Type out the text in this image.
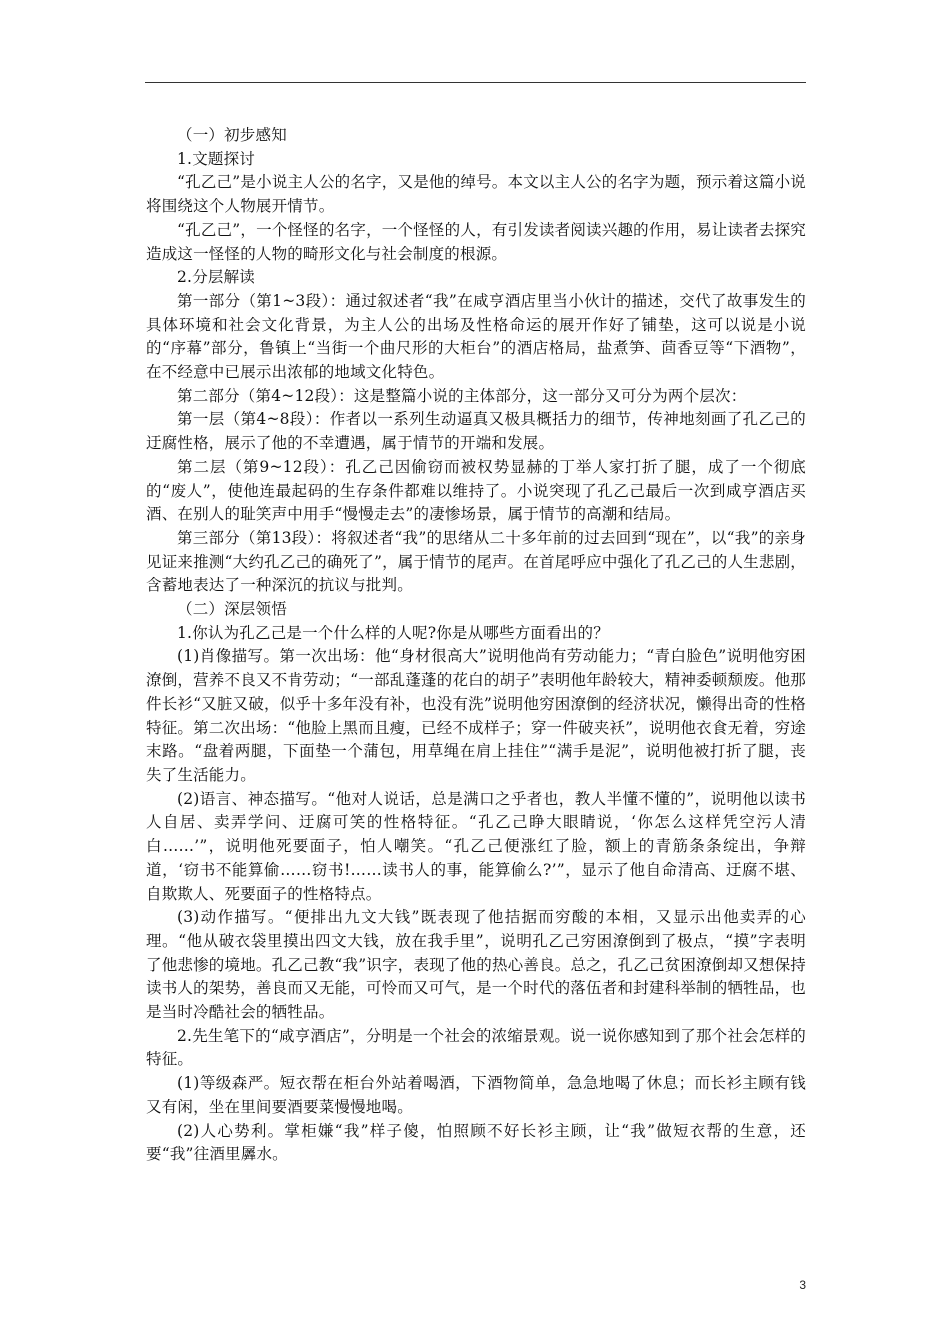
（一）初步感知

1.文题探讨

“孔乙己”是小说主人公的名字，又是他的绰号。本文以主人公的名字为题，预示着这篇小说将围绕这个人物展开情节。

“孔乙己”，一个怪怪的名字，一个怪怪的人，有引发读者阅读兴趣的作用，易让读者去探究造成这一怪怪的人物的畸形文化与社会制度的根源。

2.分层解读

第一部分（第1~3段）：通过叙述者“我”在咸亨酒店里当小伙计的描述，交代了故事发生的具体环境和社会文化背景，为主人公的出场及性格命运的展开作好了铺垫，这可以说是小说的“序幕”部分，鲁镇上“当街一个曲尺形的大柜台”的酒店格局，盐煮笋、茴香豆等“下酒物”，在不经意中已展示出浓郁的地域文化特色。

第二部分（第4~12段）：这是整篇小说的主体部分，这一部分又可分为两个层次：

第一层（第4~8段）：作者以一系列生动逼真又极具概括力的细节，传神地刻画了孔乙己的迂腐性格，展示了他的不幸遭遇，属于情节的开端和发展。

第二层（第9~12段）：孔乙己因偷窃而被权势显赫的丁举人家打折了腿，成了一个彻底的“废人”，使他连最起码的生存条件都难以维持了。小说突现了孔乙己最后一次到咸亨酒店买酒、在别人的耻笑声中用手“慢慢走去”的凄惨场景，属于情节的高潮和结局。

第三部分（第13段）：将叙述者“我”的思绪从二十多年前的过去回到“现在”，以“我”的亲身见证来推测“大约孔乙己的确死了”，属于情节的尾声。在首尾呼应中强化了孔乙己的人生悲剧，含蓄地表达了一种深沉的抗议与批判。

（二）深层领悟

1.你认为孔乙己是一个什么样的人呢?你是从哪些方面看出的？

(1)肖像描写。第一次出场：他“身材很高大”说明他尚有劳动能力；“青白脸色”说明他穷困潦倒，营养不良又不肯劳动；“一部乱蓬蓬的花白的胡子”表明他年龄较大，精神委顿颓废。他那件长衫“又脏又破，似乎十多年没有补，也没有洗”说明他穷困潦倒的经济状况，懒得出奇的性格特征。第二次出场：“他脸上黑而且瘦，已经不成样子；穿一件破夹袄”，说明他衣食无着，穷途末路。“盘着两腿，下面垫一个蒲包，用草绳在肩上挂住”“满手是泥”，说明他被打折了腿，丧失了生活能力。

(2)语言、神态描写。“他对人说话，总是满口之乎者也，教人半懂不懂的”，说明他以读书人自居、卖弄学问、迂腐可笑的性格特征。“孔乙己睁大眼睛说，‘你怎么这样凭空污人清白……’”，说明他死要面子，怕人嘲笑。“孔乙己便涨红了脸，额上的青筋条条绽出，争辩道，‘窃书不能算偷……窃书!……读书人的事，能算偷么?’”，显示了他自命清高、迂腐不堪、自欺欺人、死要面子的性格特点。

(3)动作描写。“便排出九文大钱”既表现了他拮据而穷酸的本相，又显示出他卖弄的心理。“他从破衣袋里摸出四文大钱，放在我手里”，说明孔乙己穷困潦倒到了极点，“摸”字表明了他悲惨的境地。孔乙己教“我”识字，表现了他的热心善良。总之，孔乙己贫困潦倒却又想保持读书人的架势，善良而又无能，可怜而又可气，是一个时代的落伍者和封建科举制的牺牲品，也是当时冷酷社会的牺牲品。

2.先生笔下的“咸亨酒店”，分明是一个社会的浓缩景观。说一说你感知到了那个社会怎样的特征。

(1)等级森严。短衣帮在柜台外站着喝酒，下酒物简单，急急地喝了休息；而长衫主顾有钱又有闲，坐在里间要酒要菜慢慢地喝。

(2)人心势利。掌柜嫌“我”样子傻，怕照顾不好长衫主顾，让“我”做短衣帮的生意，还要“我”往酒里羼水。

3
